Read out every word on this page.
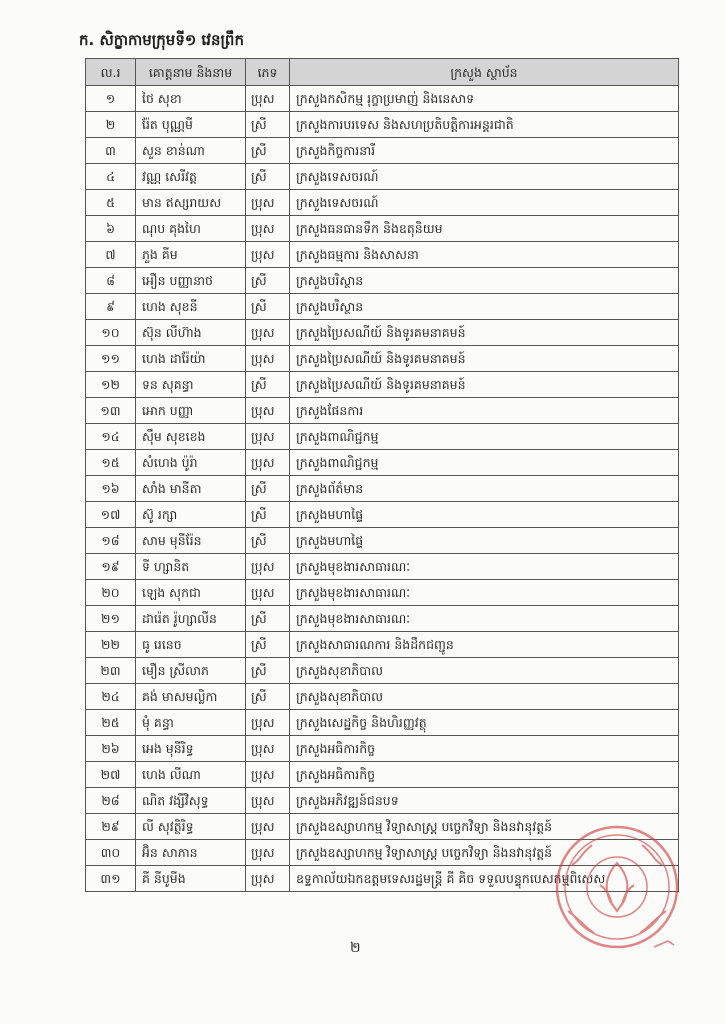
ក. សិក្ខាកាមក្រុមទី១ វេនព្រឹក
ល.រ	គោត្តនាម និងនាម	ភេទ	ក្រសួង ស្ថាប័ន
១	ថៃ សុខា	ប្រុស	ក្រសួងកសិកម្ម រុក្ខាប្រមាញ់ និងនេសាទ
២	រ៉ែត បុណ្ណមី	ស្រី	ក្រសួងការបរទេស និងសហប្រតិបត្តិការអន្តរជាតិ
៣	សួន ខាន់ណា	ស្រី	ក្រសួងកិច្ចការនារី
៤	វណ្ណ សេរីវត្ត	ស្រី	ក្រសួងទេសចរណ៍
៥	មាន ឥស្សរាយស	ប្រុស	ក្រសួងទេសចរណ៍
៦	ណុប គុងហៃ	ប្រុស	ក្រសួងធនធានទឹក និងឧតុនិយម
៧	ភួង គីម	ប្រុស	ក្រសួងធម្មការ និងសាសនា
៨	អឿន បញ្ញានាថ	ស្រី	ក្រសួងបរិស្ថាន
៩	ហេង សុខនី	ស្រី	ក្រសួងបរិស្ថាន
១០	ស៊ុន លីហ៊ាង	ប្រុស	ក្រសួងប្រៃសណីយ៍ និងទូរគមនាគមន៍
១១	ហេង ដារ៉ែយ៉ា	ប្រុស	ក្រសួងប្រៃសណីយ៍ និងទូរគមនាគមន៍
១២	ទន សុគន្ធា	ស្រី	ក្រសួងប្រៃសណីយ៍ និងទូរគមនាគមន៍
១៣	អោក បញ្ញា	ប្រុស	ក្រសួងផែនការ
១៤	ស៊ឹម សុខខេង	ប្រុស	ក្រសួងពាណិជ្ជកម្ម
១៥	សំហេង ប៉ូរ៉ា	ប្រុស	ក្រសួងពាណិជ្ជកម្ម
១៦	សាំង មានីតា	ស្រី	ក្រសួងព័ត៌មាន
១៧	ស៊ូ រក្សា	ស្រី	ក្រសួងមហាផ្ទៃ
១៨	សាម មុនីរ៉ែន	ស្រី	ក្រសួងមហាផ្ទៃ
១៩	ទី ហ្សានិត	ប្រុស	ក្រសួងមុខងារសាធារណៈ
២០	ឡេង សុកជា	ប្រុស	ក្រសួងមុខងារសាធារណៈ
២១	ដារ៉េត រ៉ូហ្សាលីន	ស្រី	ក្រសួងមុខងារសាធារណៈ
២២	ធូ រេនេច	ស្រី	ក្រសួងសាធារណការ និងដឹកជញ្ជូន
២៣	មឿន ស្រីលាភ	ស្រី	ក្រសួងសុខាភិបាល
២៤	គង់ មាសមល្លិកា	ស្រី	ក្រសួងសុខាភិបាល
២៥	មុំ គន្ធា	ប្រុស	ក្រសួងសេដ្ឋកិច្ច និងហិរញ្ញវត្ថុ
២៦	អេង មុនីរិទ្ធ	ប្រុស	ក្រសួងអធិការកិច្ច
២៧	ហេង លីណា	ប្រុស	ក្រសួងអធិការកិច្ច
២៨	ណិត វង្សីវិសុទ្ធ	ប្រុស	ក្រសួងអភិវឌ្ឍន៍ជនបទ
២៩	លី សុវត្ថិរិទ្ធ	ប្រុស	ក្រសួងឧស្សាហកម្ម វិទ្យាសាស្ត្រ បច្ចេកវិទ្យា និងនវានុវត្តន៍
៣០	អ៊ិន សាភាន	ប្រុស	ក្រសួងឧស្សាហកម្ម វិទ្យាសាស្ត្រ បច្ចេកវិទ្យា និងនវានុវត្តន៍
៣១	គី នីបូមីង	ប្រុស	ឧទ្ទកាល័យឯកឧត្តមទេសរដ្ឋមន្ត្រី គី គិច ទទួលបន្ទុកបេសកម្មពិសេស
២
